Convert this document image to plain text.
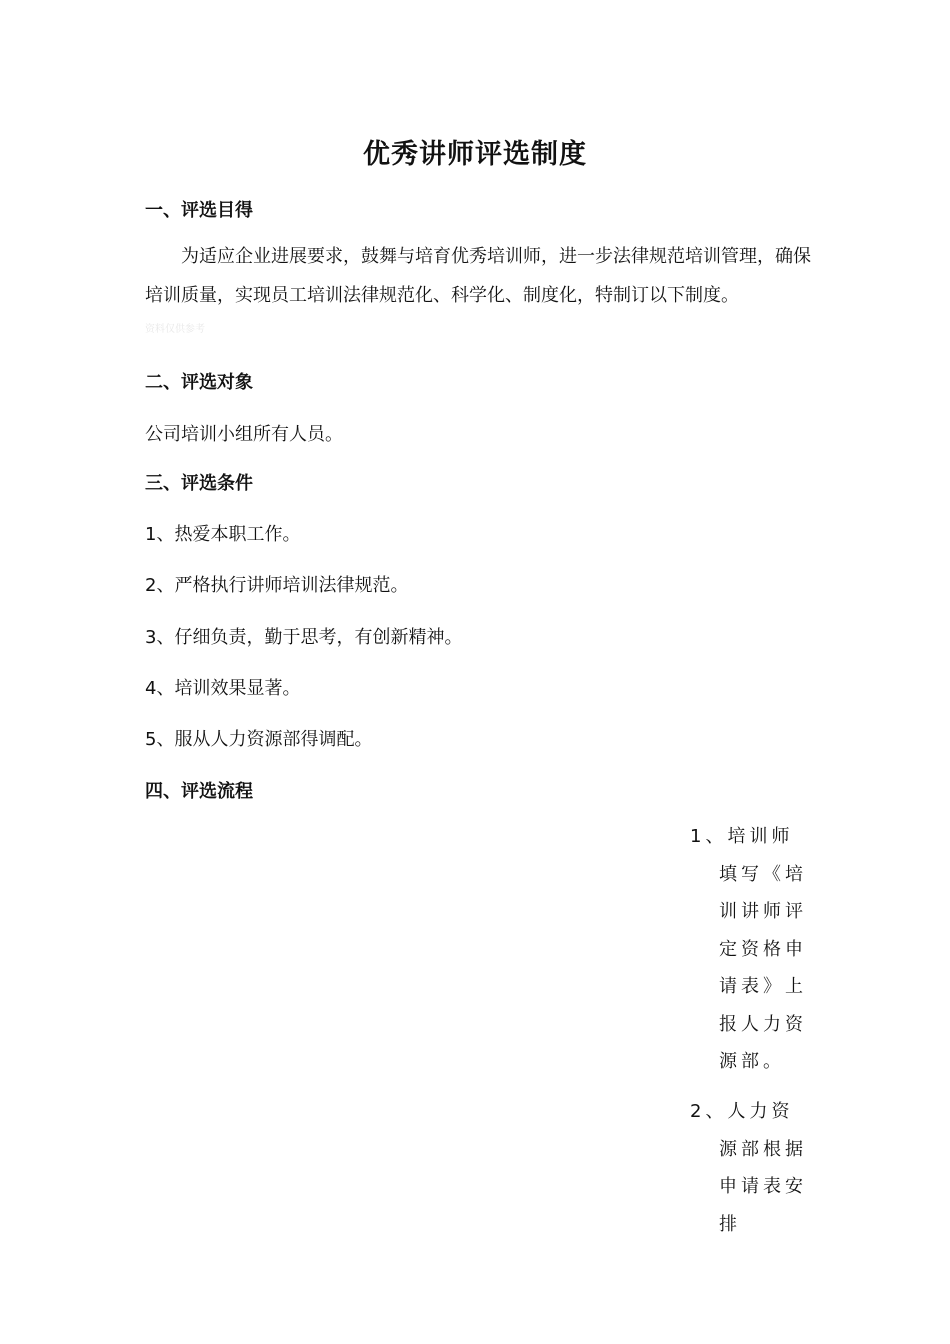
优秀讲师评选制度
一、评选目得
为适应企业进展要求，鼓舞与培育优秀培训师，进一步法律规范培训管理，确保培训质量，实现员工培训法律规范化、科学化、制度化，特制订以下制度。
资料仅供参考
二、评选对象
公司培训小组所有人员。
三、评选条件
1、热爱本职工作。
2、严格执行讲师培训法律规范。
3、仔细负责，勤于思考，有创新精神。
4、培训效果显著。
5、服从人力资源部得调配。
四、评选流程
1、培训师填写《培训讲师评定资格申请表》上报人力资源部。
2、人力资源部根据申请表安排
